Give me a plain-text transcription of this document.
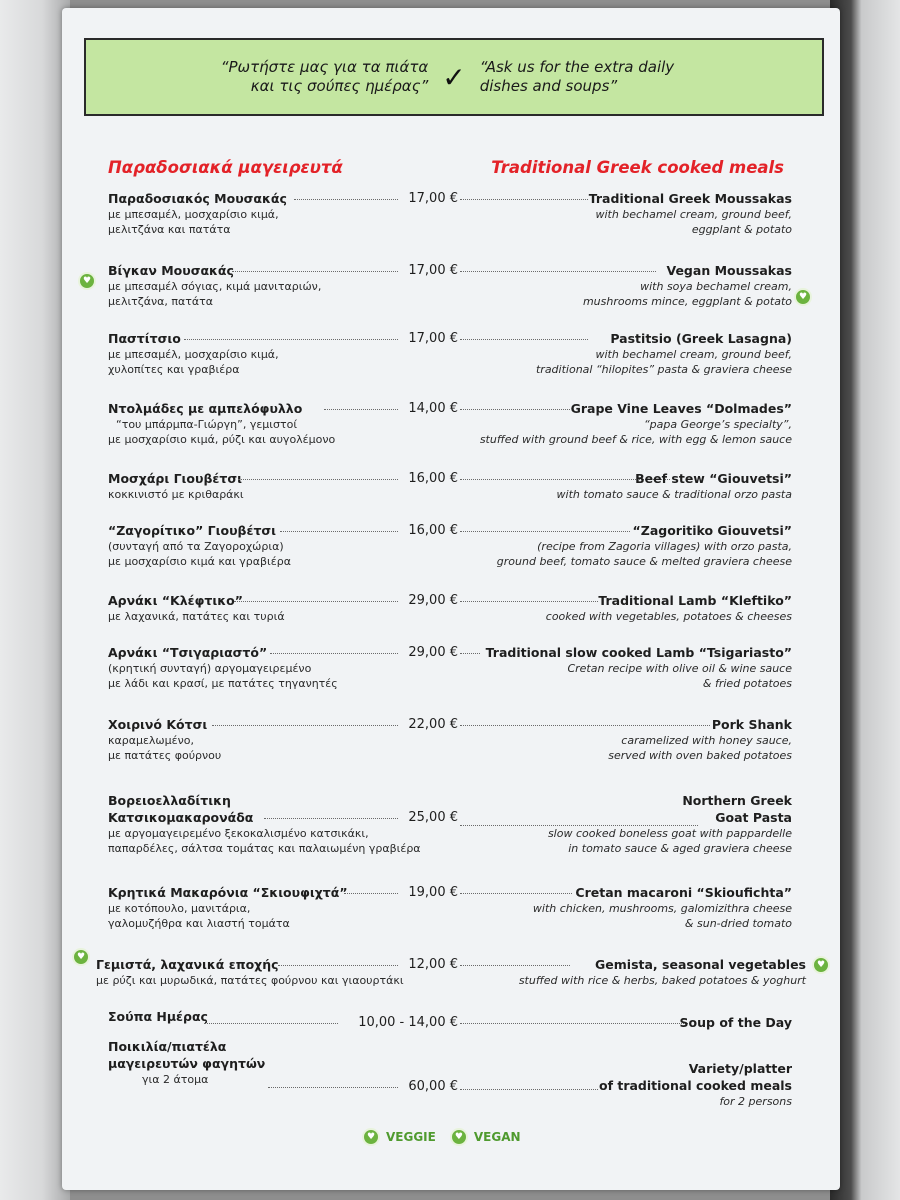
“Ρωτήστε μας για τα πιάτα
και τις σούπες ημέρας” ✓ “Ask us for the extra daily
dishes and soups”
Παραδοσιακά μαγειρευτά	Traditional Greek cooked meals
Παραδοσιακός Μουσακάς
με μπεσαμέλ, μοσχαρίσιο κιμά,
μελιτζάνα και πατάτα
17,00 €	Traditional Greek Moussakas
with bechamel cream, ground beef,
eggplant & potato
♥
Βίγκαν Μουσακάς
με μπεσαμέλ σόγιας, κιμά μανιταριών,
μελιτζάνα, πατάτα
17,00 €	Vegan Moussakas
with soya bechamel cream,
mushrooms mince, eggplant & potato
♥
Παστίτσιο
με μπεσαμέλ, μοσχαρίσιο κιμά,
χυλοπίτες και γραβιέρα
17,00 €	Pastitsio (Greek Lasagna)
with bechamel cream, ground beef,
traditional “hilopites” pasta & graviera cheese
Ντολμάδες με αμπελόφυλλο
“του μπάρμπα-Γιώργη”, γεμιστοί
με μοσχαρίσιο κιμά, ρύζι και αυγολέμονο
14,00 €	Grape Vine Leaves “Dolmades”
“papa George’s specialty”,
stuffed with ground beef & rice, with egg & lemon sauce
Μοσχάρι Γιουβέτσι
κοκκινιστό με κριθαράκι
16,00 €	Beef stew “Giouvetsi”
with tomato sauce & traditional orzo pasta
“Ζαγορίτικο” Γιουβέτσι
(συνταγή από τα Ζαγοροχώρια)
με μοσχαρίσιο κιμά και γραβιέρα
16,00 €	“Zagoritiko Giouvetsi”
(recipe from Zagoria villages) with orzo pasta,
ground beef, tomato sauce & melted graviera cheese
Αρνάκι “Κλέφτικο”
με λαχανικά, πατάτες και τυριά
29,00 €	Traditional Lamb “Kleftiko”
cooked with vegetables, potatoes & cheeses
Αρνάκι “Τσιγαριαστό”
(κρητική συνταγή) αργομαγειρεμένο
με λάδι και κρασί, με πατάτες τηγανητές
29,00 €	Traditional slow cooked Lamb “Tsigariasto”
Cretan recipe with olive oil & wine sauce
& fried potatoes
Χοιρινό Κότσι
καραμελωμένο,
με πατάτες φούρνου
22,00 €	Pork Shank
caramelized with honey sauce,
served with oven baked potatoes
Βορειοελλαδίτικη
Κατσικομακαρονάδα
με αργομαγειρεμένο ξεκοκαλισμένο κατσικάκι,
παπαρδέλες, σάλτσα τομάτας και παλαιωμένη γραβιέρα
25,00 €
Northern Greek
Goat Pasta
slow cooked boneless goat with pappardelle
in tomato sauce & aged graviera cheese
Κρητικά Μακαρόνια “Σκιουφιχτά”
με κοτόπουλο, μανιτάρια,
γαλομυζήθρα και λιαστή τομάτα
19,00 €	Cretan macaroni “Skioufichta”
with chicken, mushrooms, galomizithra cheese
& sun-dried tomato
♥
Γεμιστά, λαχανικά εποχής
με ρύζι και μυρωδικά, πατάτες φούρνου και γιαουρτάκι
12,00 €	Gemista, seasonal vegetables
stuffed with rice & herbs, baked potatoes & yoghurt
♥
Σούπα Ημέρας	10,00 - 14,00 €	Soup of the Day
Ποικιλία/πιατέλα
μαγειρευτών φαγητών
για 2 άτομα	60,00 €
Variety/platter
of traditional cooked meals
for 2 persons
♥
VEGGIE
♥	VEGAN
